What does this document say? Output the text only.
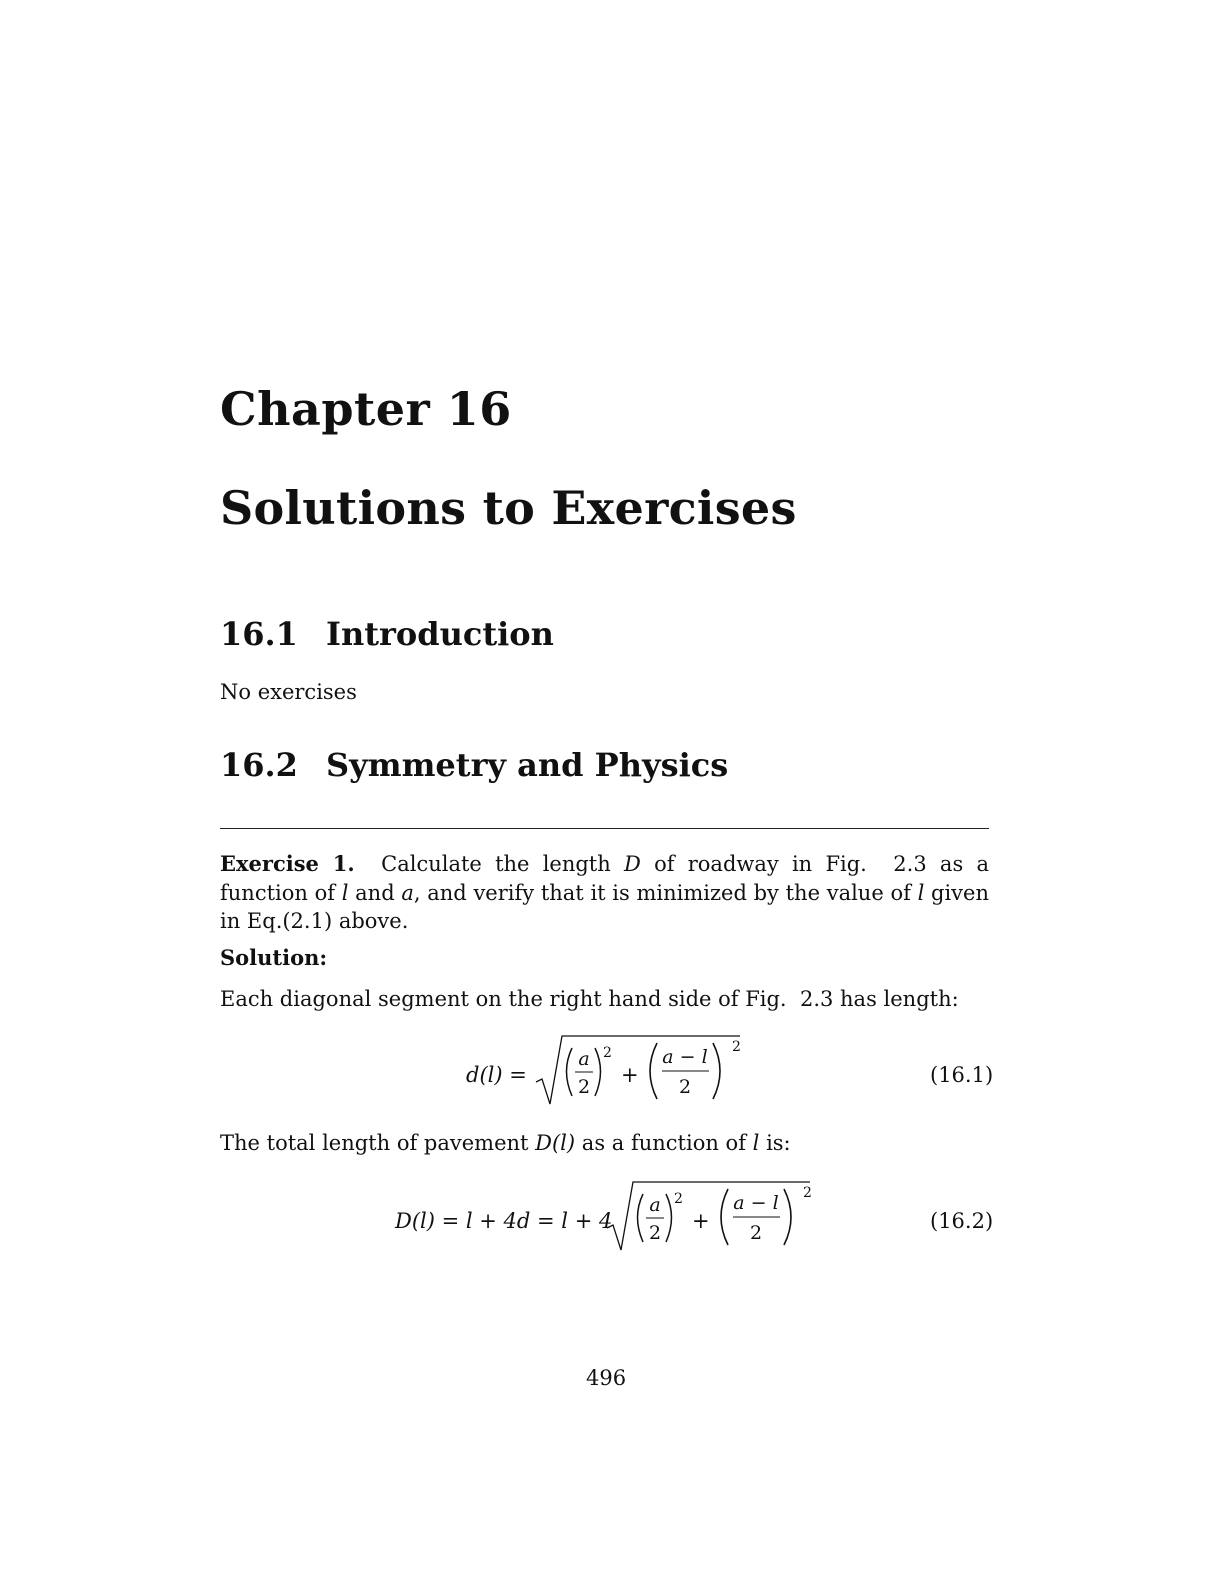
Chapter 16
Solutions to Exercises
16.1 Introduction
No exercises
16.2 Symmetry and Physics
Exercise 1. Calculate the length D of roadway in Fig.  2.3 as a function of l and a, and verify that it is minimized by the value of l given in Eq.(2.1) above.
Solution:
Each diagonal segment on the right hand side of Fig.  2.3 has length:
d(l) =
a
2
2
+
a − l
2
2
(16.1)
The total length of pavement D(l) as a function of l is:
D(l) = l + 4d = l + 4
a
2
2
+
a − l
2
2
(16.2)
496
